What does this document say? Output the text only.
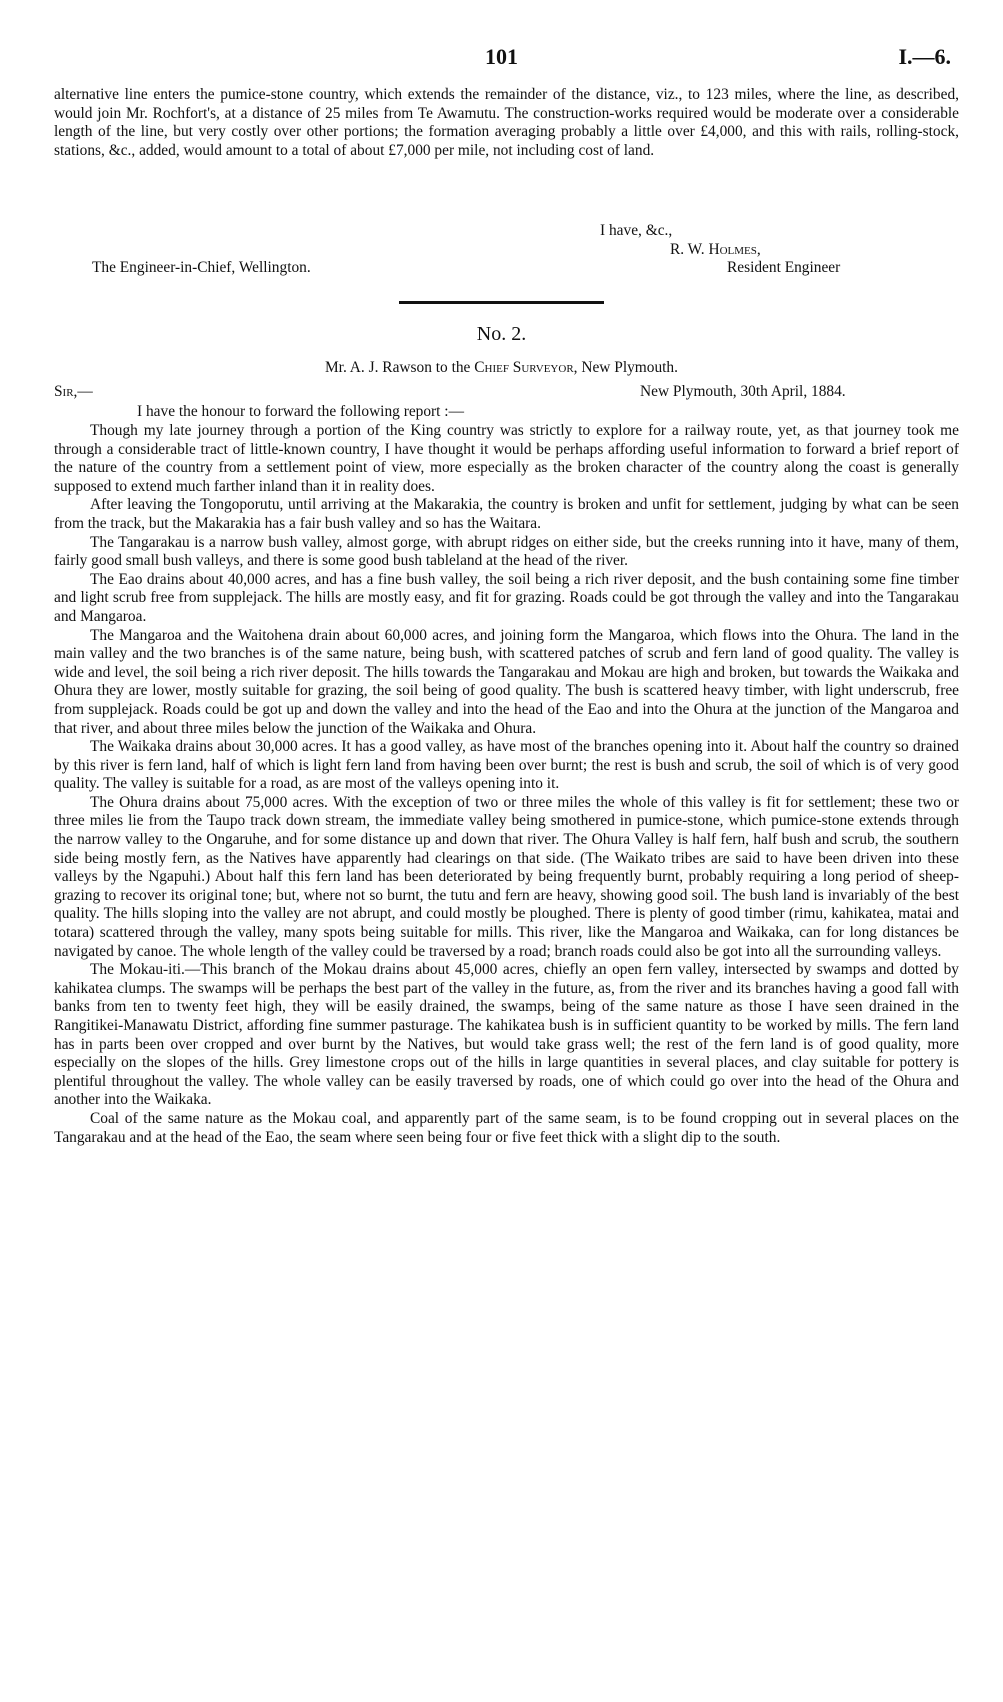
101	I.—6.

alternative line enters the pumice-stone country, which extends the remainder of the distance, viz., to 123 miles, where the line, as described, would join Mr. Rochfort's, at a distance of 25 miles from Te Awamutu. The construction-works required would be moderate over a considerable length of the line, but very costly over other portions; the formation averaging probably a little over £4,000, and this with rails, rolling-stock, stations, &c., added, would amount to a total of about £7,000 per mile, not including cost of land.

I have, &c.,
R. W. Holmes,
The Engineer-in-Chief, Wellington.	Resident Engineer
No. 2.
Mr. A. J. Rawson to the Chief Surveyor, New Plymouth.
Sir,—	New Plymouth, 30th April, 1884.
I have the honour to forward the following report :—

Though my late journey through a portion of the King country was strictly to explore for a railway route, yet, as that journey took me through a considerable tract of little-known country, I have thought it would be perhaps affording useful information to forward a brief report of the nature of the country from a settlement point of view, more especially as the broken character of the country along the coast is generally supposed to extend much farther inland than it in reality does.

After leaving the Tongoporutu, until arriving at the Makarakia, the country is broken and unfit for settlement, judging by what can be seen from the track, but the Makarakia has a fair bush valley and so has the Waitara.

The Tangarakau is a narrow bush valley, almost gorge, with abrupt ridges on either side, but the creeks running into it have, many of them, fairly good small bush valleys, and there is some good bush tableland at the head of the river.

The Eao drains about 40,000 acres, and has a fine bush valley, the soil being a rich river deposit, and the bush containing some fine timber and light scrub free from supplejack. The hills are mostly easy, and fit for grazing. Roads could be got through the valley and into the Tangarakau and Mangaroa.

The Mangaroa and the Waitohena drain about 60,000 acres, and joining form the Mangaroa, which flows into the Ohura. The land in the main valley and the two branches is of the same nature, being bush, with scattered patches of scrub and fern land of good quality. The valley is wide and level, the soil being a rich river deposit. The hills towards the Tangarakau and Mokau are high and broken, but towards the Waikaka and Ohura they are lower, mostly suitable for grazing, the soil being of good quality. The bush is scattered heavy timber, with light underscrub, free from supplejack. Roads could be got up and down the valley and into the head of the Eao and into the Ohura at the junction of the Mangaroa and that river, and about three miles below the junction of the Waikaka and Ohura.

The Waikaka drains about 30,000 acres. It has a good valley, as have most of the branches opening into it. About half the country so drained by this river is fern land, half of which is light fern land from having been over burnt; the rest is bush and scrub, the soil of which is of very good quality. The valley is suitable for a road, as are most of the valleys opening into it.

The Ohura drains about 75,000 acres. With the exception of two or three miles the whole of this valley is fit for settlement; these two or three miles lie from the Taupo track down stream, the immediate valley being smothered in pumice-stone, which pumice-stone extends through the narrow valley to the Ongaruhe, and for some distance up and down that river. The Ohura Valley is half fern, half bush and scrub, the southern side being mostly fern, as the Natives have apparently had clearings on that side. (The Waikato tribes are said to have been driven into these valleys by the Ngapuhi.) About half this fern land has been deteriorated by being frequently burnt, probably requiring a long period of sheep-grazing to recover its original tone; but, where not so burnt, the tutu and fern are heavy, showing good soil. The bush land is invariably of the best quality. The hills sloping into the valley are not abrupt, and could mostly be ploughed. There is plenty of good timber (rimu, kahikatea, matai and totara) scattered through the valley, many spots being suitable for mills. This river, like the Mangaroa and Waikaka, can for long distances be navigated by canoe. The whole length of the valley could be traversed by a road; branch roads could also be got into all the surrounding valleys.

The Mokau-iti.—This branch of the Mokau drains about 45,000 acres, chiefly an open fern valley, intersected by swamps and dotted by kahikatea clumps. The swamps will be perhaps the best part of the valley in the future, as, from the river and its branches having a good fall with banks from ten to twenty feet high, they will be easily drained, the swamps, being of the same nature as those I have seen drained in the Rangitikei-Manawatu District, affording fine summer pasturage. The kahikatea bush is in sufficient quantity to be worked by mills. The fern land has in parts been over cropped and over burnt by the Natives, but would take grass well; the rest of the fern land is of good quality, more especially on the slopes of the hills. Grey limestone crops out of the hills in large quantities in several places, and clay suitable for pottery is plentiful throughout the valley. The whole valley can be easily traversed by roads, one of which could go over into the head of the Ohura and another into the Waikaka.

Coal of the same nature as the Mokau coal, and apparently part of the same seam, is to be found cropping out in several places on the Tangarakau and at the head of the Eao, the seam where seen being four or five feet thick with a slight dip to the south.
